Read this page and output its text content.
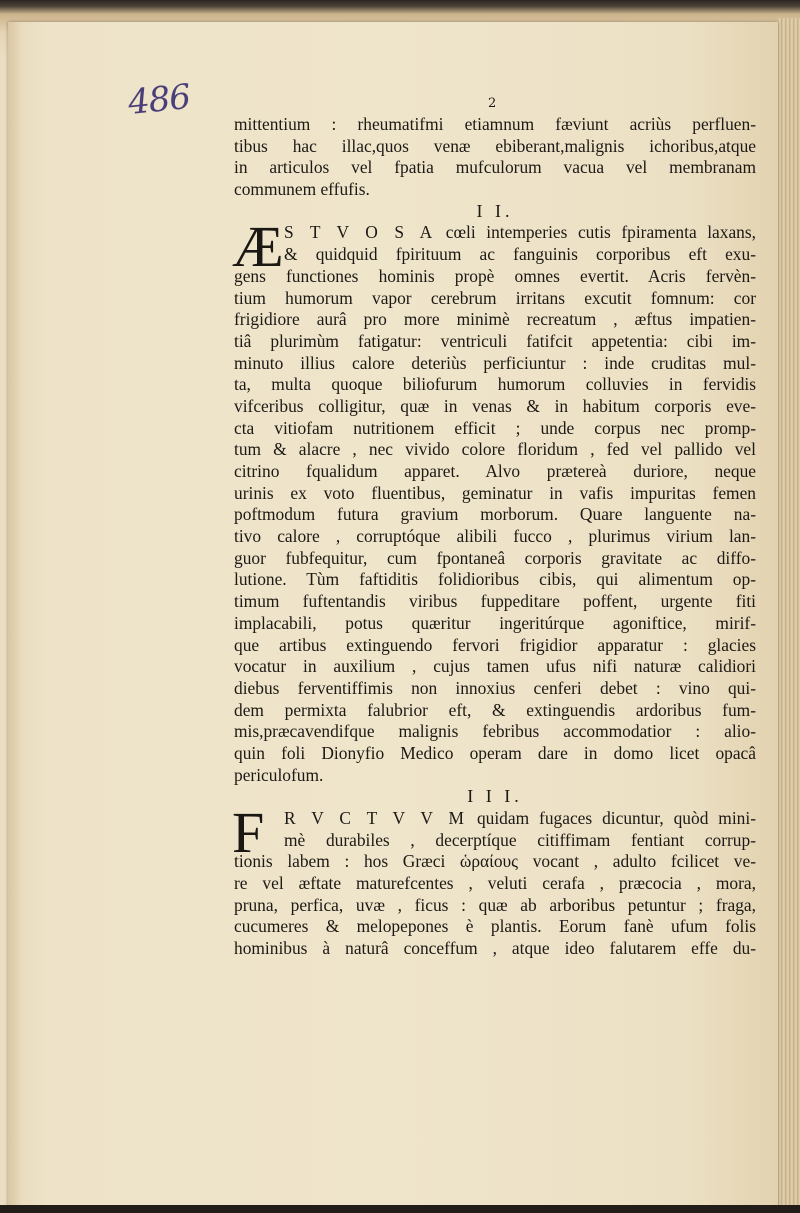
486	2
mittentium : rheumatifmi etiamnum fæviunt acriùs perfluen-
tibus hac illac,quos venæ ebiberant,malignis ichoribus,atque
in articulos vel fpatia mufculorum vacua vel membranam
communem effufis.
I I.
Æ S T V O S A cœli intemperies cutis fpiramenta laxans,
& quidquid fpirituum ac fanguinis corporibus eft exu-
gens functiones hominis propè omnes evertit. Acris fervèn-
tium humorum vapor cerebrum irritans excutit fomnum: cor
frigidiore aurâ pro more minimè recreatum , æftus impatien-
tiâ plurimùm fatigatur: ventriculi fatifcit appetentia: cibi im-
minuto illius calore deteriùs perficiuntur : inde cruditas mul-
ta, multa quoque biliofurum humorum colluvies in fervidis
vifceribus colligitur, quæ in venas & in habitum corporis eve-
cta vitiofam nutritionem efficit ; unde corpus nec promp-
tum & alacre , nec vivido colore floridum , fed vel pallido vel
citrino fqualidum apparet. Alvo prætereà duriore, neque
urinis ex voto fluentibus, geminatur in vafis impuritas femen
poftmodum futura gravium morborum. Quare languente na-
tivo calore , corruptóque alibili fucco , plurimus virium lan-
guor fubfequitur, cum fpontaneâ corporis gravitate ac diffo-
lutione. Tùm faftiditis folidioribus cibis, qui alimentum op-
timum fuftentandis viribus fuppeditare poffent, urgente fiti
implacabili, potus quæritur ingeritúrque agoniftice, mirif-
que artibus extinguendo fervori frigidior apparatur : glacies
vocatur in auxilium , cujus tamen ufus nifi naturæ calidiori
diebus ferventiffimis non innoxius cenferi debet : vino qui-
dem permixta falubrior eft, & extinguendis ardoribus fum-
mis,præcavendifque malignis febribus accommodatior : alio-
quin foli Dionyfio Medico operam dare in domo licet opacâ
periculofum.
I I I.
F	R V C T V V M quidam fugaces dicuntur, quòd mini-
mè durabiles , decerptíque citiffimam fentiant corrup-
tionis labem : hos Græci ὡραίους vocant , adulto fcilicet ve-
re vel æftate maturefcentes , veluti cerafa , præcocia , mora,
pruna, perfica, uvæ , ficus : quæ ab arboribus petuntur ; fraga,
cucumeres & melopepones è plantis. Eorum fanè ufum folis
hominibus à naturâ conceffum , atque ideo falutarem effe du-
